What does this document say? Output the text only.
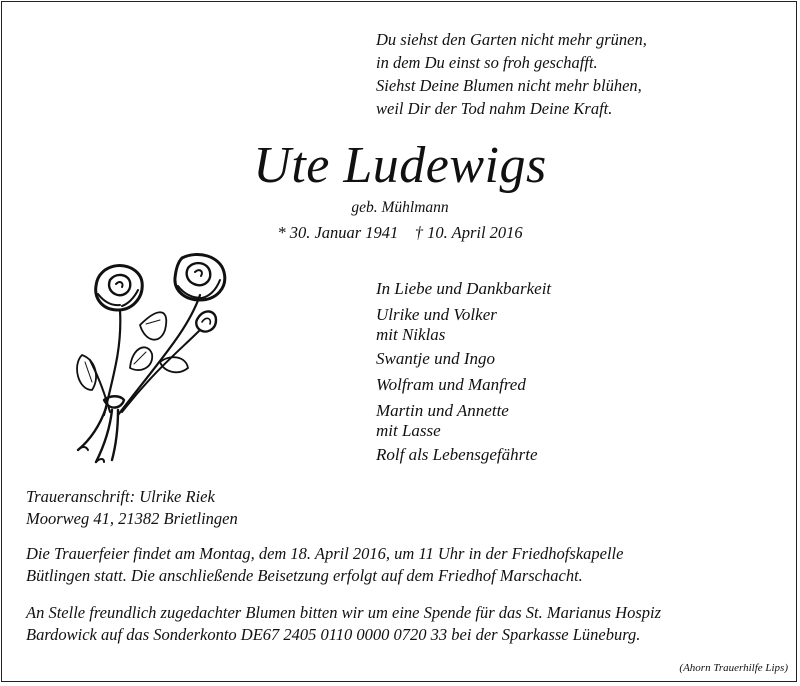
Du siehst den Garten nicht mehr grünen,
in dem Du einst so froh geschafft.
Siehst Deine Blumen nicht mehr blühen,
weil Dir der Tod nahm Deine Kraft.
Ute Ludewigs
geb. Mühlmann
* 30. Januar 1941    † 10. April 2016
In Liebe und Dankbarkeit
Ulrike und Volker
mit Niklas
Swantje und Ingo
Wolfram und Manfred
Martin und Annette
mit Lasse
Rolf als Lebensgefährte
Traueranschrift: Ulrike Riek
Moorweg 41, 21382 Brietlingen
Die Trauerfeier findet am Montag, dem 18. April 2016, um 11 Uhr in der Friedhofskapelle
Bütlingen statt. Die anschließende Beisetzung erfolgt auf dem Friedhof Marschacht.
An Stelle freundlich zugedachter Blumen bitten wir um eine Spende für das St. Marianus Hospiz
Bardowick auf das Sonderkonto DE67 2405 0110 0000 0720 33 bei der Sparkasse Lüneburg.
(Ahorn Trauerhilfe Lips)
